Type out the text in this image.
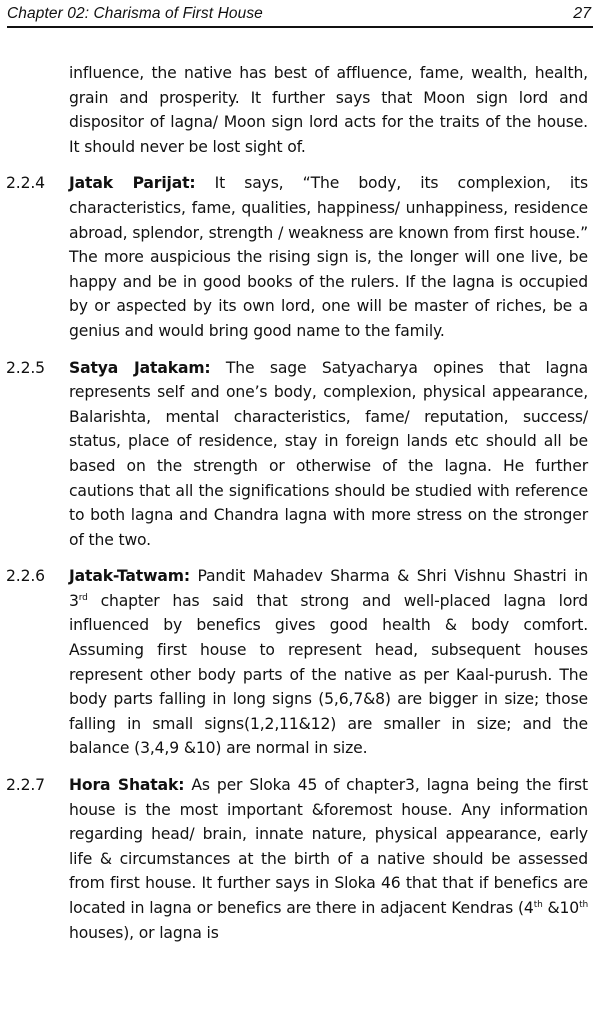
Chapter 02: Charisma of First House	27
influence, the native has best of affluence, fame, wealth, health, grain and prosperity. It further says that Moon sign lord and dispositor of lagna/ Moon sign lord acts for the traits of the house. It should never be lost sight of.
2.2.4 Jatak Parijat: It says, “The body, its complexion, its characteristics, fame, qualities, happiness/ unhappiness, residence abroad, splendor, strength / weakness are known from first house.” The more auspicious the rising sign is, the longer will one live, be happy and be in good books of the rulers. If the lagna is occupied by or aspected by its own lord, one will be master of riches, be a genius and would bring good name to the family.
2.2.5 Satya Jatakam: The sage Satyacharya opines that lagna represents self and one’s body, complexion, physical appearance, Balarishta, mental characteristics, fame/ reputation, success/ status, place of residence, stay in foreign lands etc should all be based on the strength or otherwise of the lagna. He further cautions that all the significations should be studied with reference to both lagna and Chandra lagna with more stress on the stronger of the two.
2.2.6 Jatak-Tatwam: Pandit Mahadev Sharma & Shri Vishnu Shastri in 3rd chapter has said that strong and well-placed lagna lord influenced by benefics gives good health & body comfort. Assuming first house to represent head, subsequent houses represent other body parts of the native as per Kaal-purush. The body parts falling in long signs (5,6,7&8) are bigger in size; those falling in small signs(1,2,11&12) are smaller in size; and the balance (3,4,9 &10) are normal in size.
2.2.7 Hora Shatak: As per Sloka 45 of chapter3, lagna being the first house is the most important &foremost house. Any information regarding head/ brain, innate nature, physical appearance, early life & circumstances at the birth of a native should be assessed from first house. It further says in Sloka 46 that that if benefics are located in lagna or benefics are there in adjacent Kendras (4th &10th houses), or lagna is
